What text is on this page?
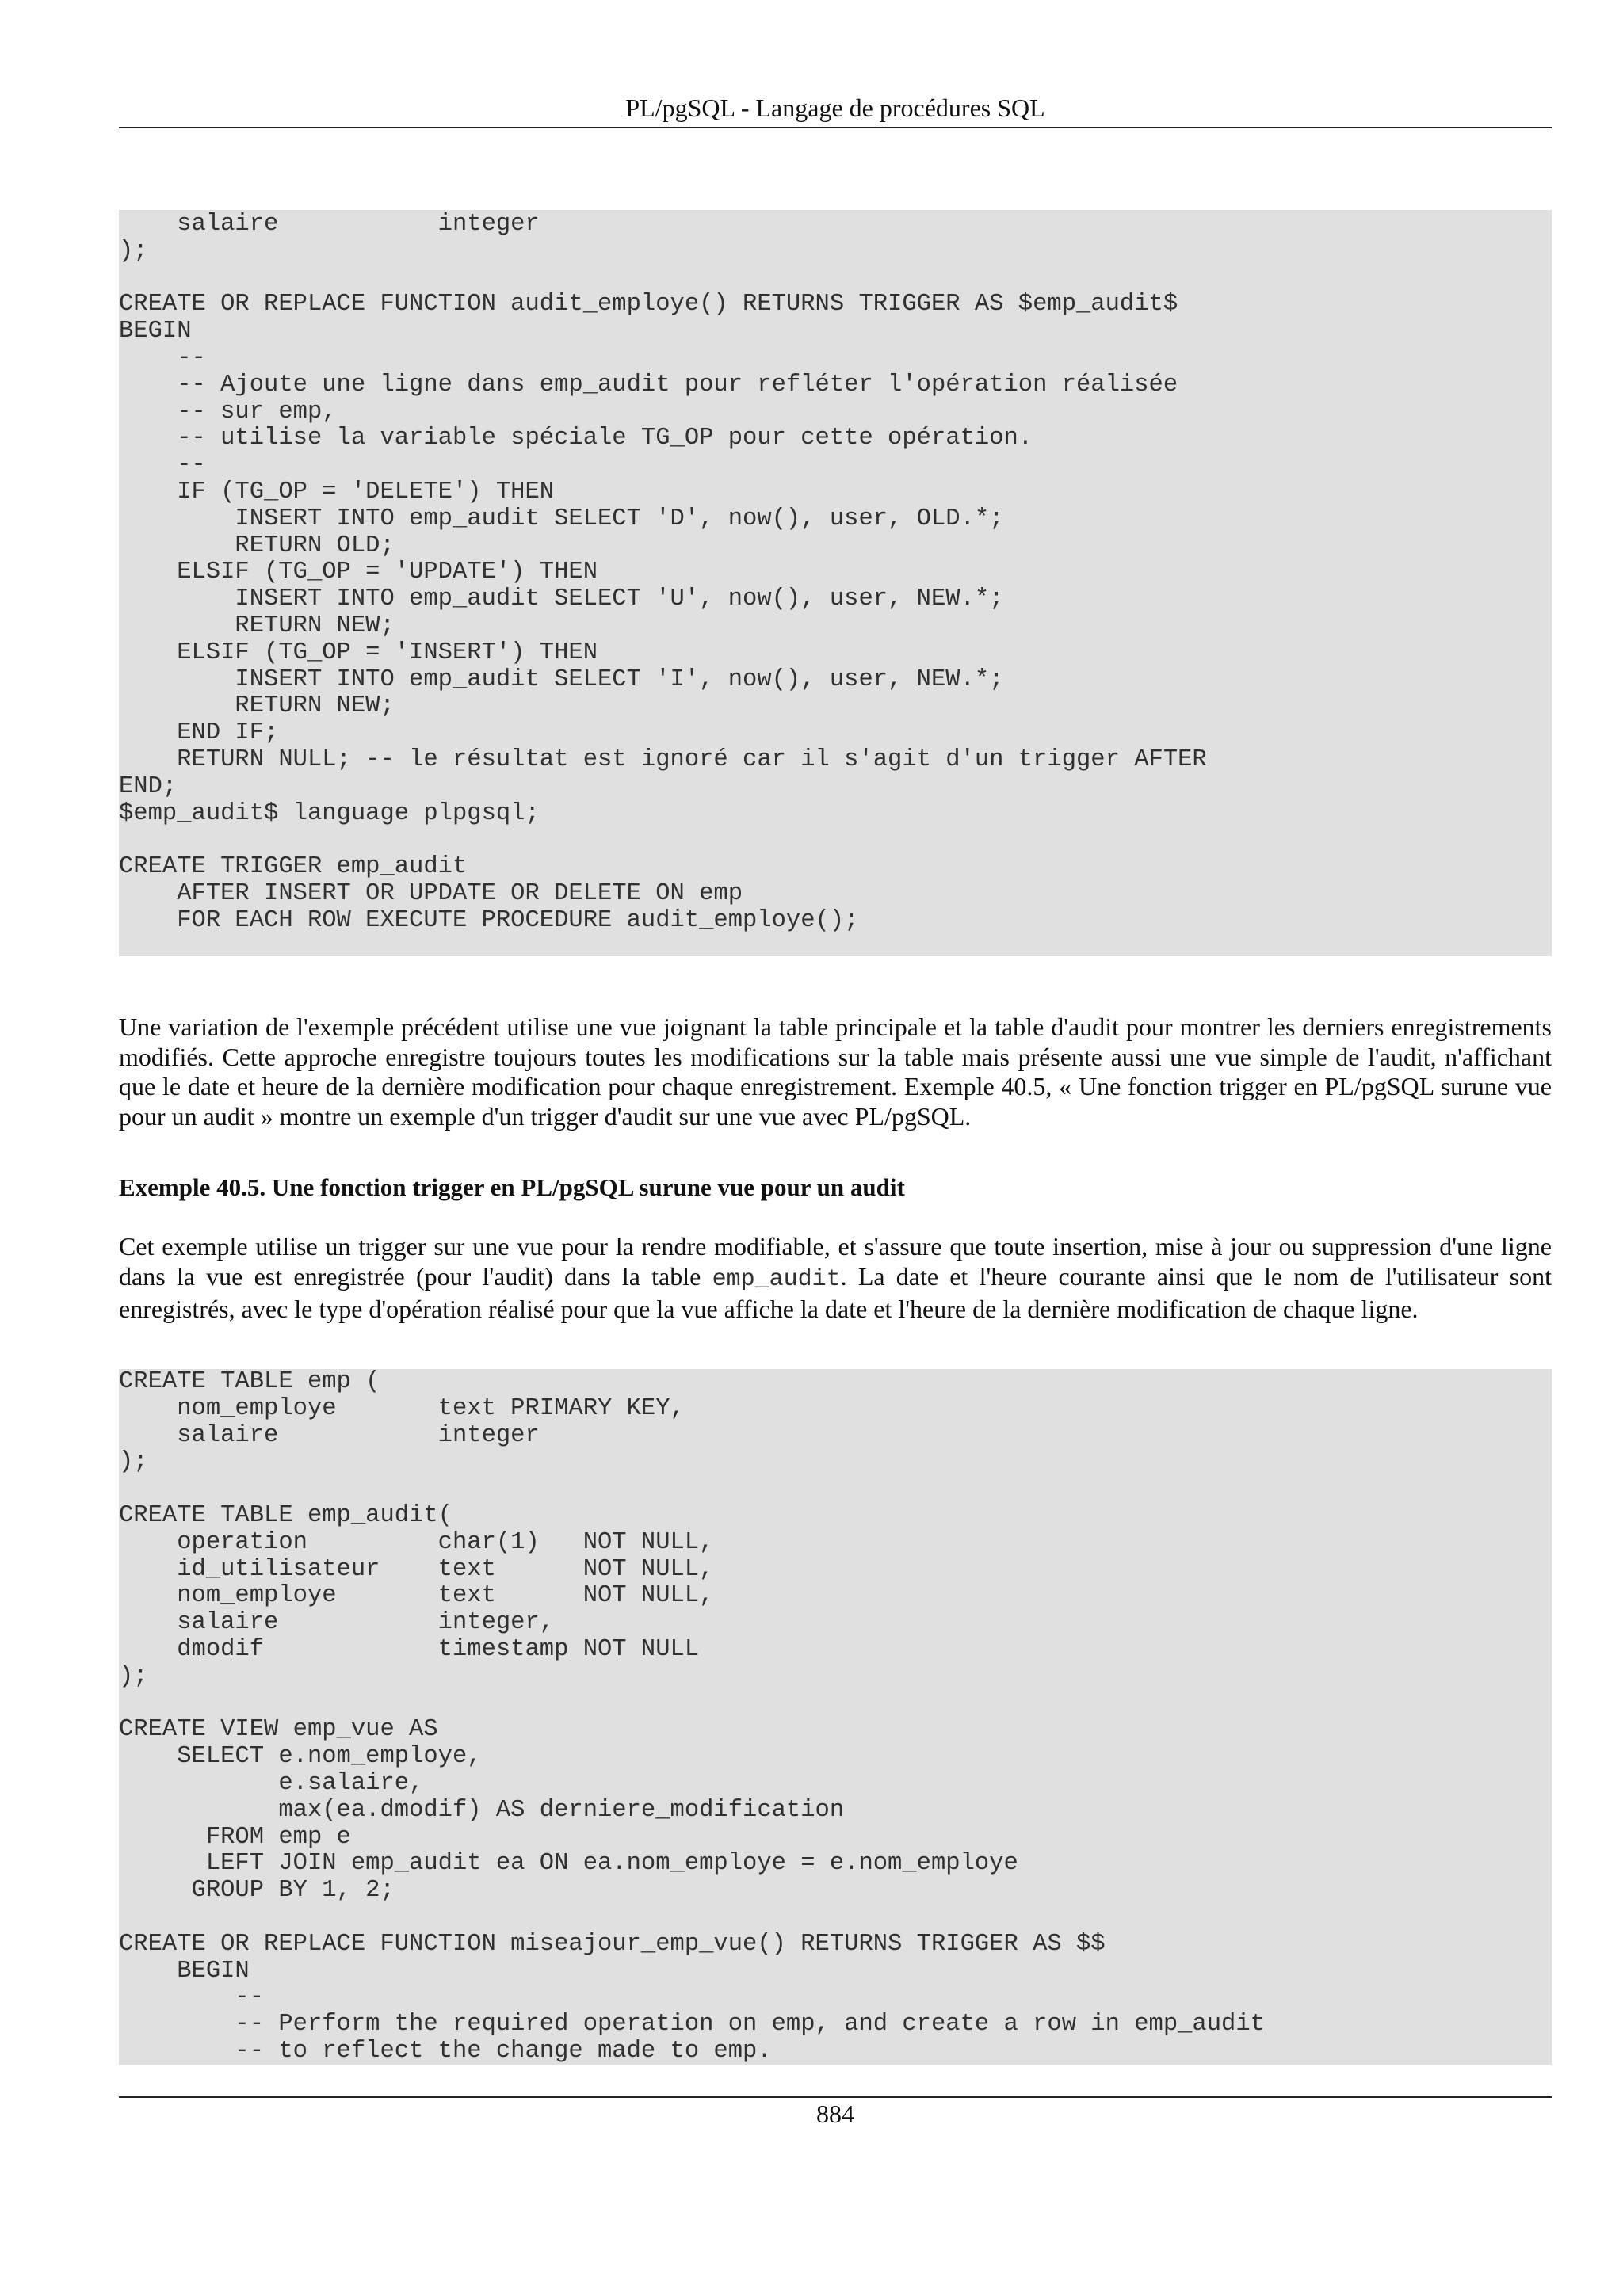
PL/pgSQL - Langage de procédures SQL
salaire           integer
);

CREATE OR REPLACE FUNCTION audit_employe() RETURNS TRIGGER AS $emp_audit$
BEGIN
--
-- Ajoute une ligne dans emp_audit pour refléter l'opération réalisée
-- sur emp,
-- utilise la variable spéciale TG_OP pour cette opération.
--
IF (TG_OP = 'DELETE') THEN
INSERT INTO emp_audit SELECT 'D', now(), user, OLD.*;
RETURN OLD;
ELSIF (TG_OP = 'UPDATE') THEN
INSERT INTO emp_audit SELECT 'U', now(), user, NEW.*;
RETURN NEW;
ELSIF (TG_OP = 'INSERT') THEN
INSERT INTO emp_audit SELECT 'I', now(), user, NEW.*;
RETURN NEW;
END IF;
RETURN NULL; -- le résultat est ignoré car il s'agit d'un trigger AFTER
END;
$emp_audit$ language plpgsql;

CREATE TRIGGER emp_audit
AFTER INSERT OR UPDATE OR DELETE ON emp
FOR EACH ROW EXECUTE PROCEDURE audit_employe();

Une variation de l'exemple précédent utilise une vue joignant la table principale et la table d'audit pour montrer les derniers enregistrements modifiés. Cette approche enregistre toujours toutes les modifications sur la table mais présente aussi une vue simple de l'audit, n'affichant que le date et heure de la dernière modification pour chaque enregistrement. Exemple 40.5, « Une fonction trigger en PL/pgSQL surune vue pour un audit » montre un exemple d'un trigger d'audit sur une vue avec PL/pgSQL.

Exemple 40.5. Une fonction trigger en PL/pgSQL surune vue pour un audit

Cet exemple utilise un trigger sur une vue pour la rendre modifiable, et s'assure que toute insertion, mise à jour ou suppression d'une ligne dans la vue est enregistrée (pour l'audit) dans la table emp_audit. La date et l'heure courante ainsi que le nom de l'utilisateur sont enregistrés, avec le type d'opération réalisé pour que la vue affiche la date et l'heure de la dernière modification de chaque ligne.

CREATE TABLE emp (
nom_employe       text PRIMARY KEY,
salaire           integer
);

CREATE TABLE emp_audit(
operation         char(1)   NOT NULL,
id_utilisateur    text      NOT NULL,
nom_employe       text      NOT NULL,
salaire           integer,
dmodif            timestamp NOT NULL
);

CREATE VIEW emp_vue AS
SELECT e.nom_employe,
e.salaire,
max(ea.dmodif) AS derniere_modification
FROM emp e
LEFT JOIN emp_audit ea ON ea.nom_employe = e.nom_employe
GROUP BY 1, 2;

CREATE OR REPLACE FUNCTION miseajour_emp_vue() RETURNS TRIGGER AS $$
BEGIN
--
-- Perform the required operation on emp, and create a row in emp_audit
-- to reflect the change made to emp.
884
